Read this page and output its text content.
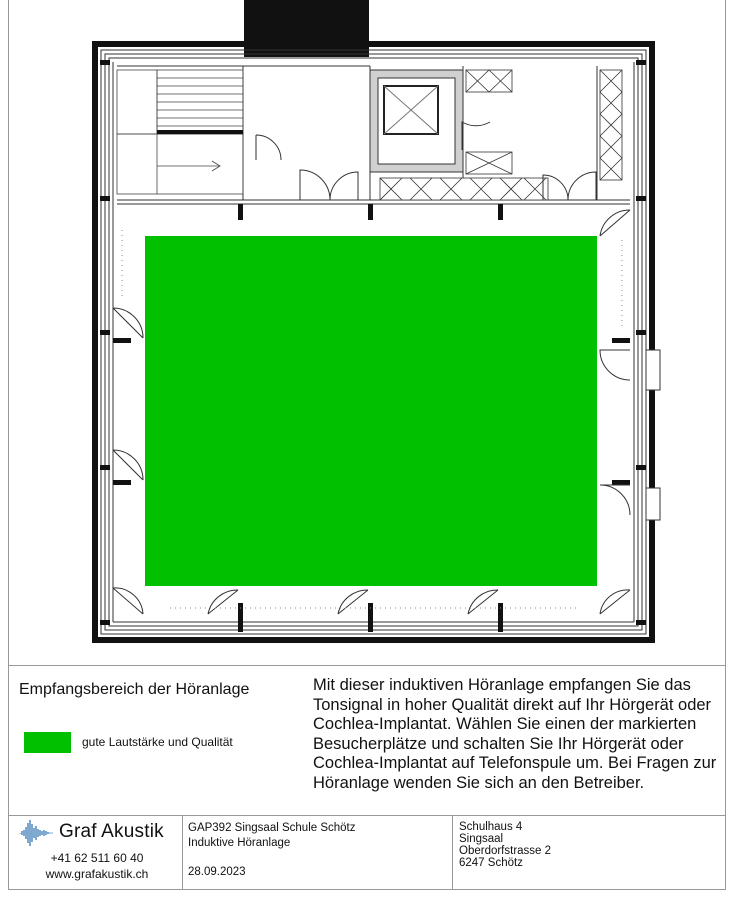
Empfangsbereich der Höranlage
gute Lautstärke und Qualität
Mit dieser induktiven Höranlage empfangen Sie das Tonsignal in hoher Qualität direkt auf Ihr Hörgerät oder Cochlea-Implantat. Wählen Sie einen der markierten Besucherplätze und schalten Sie Ihr Hörgerät oder Cochlea-Implantat auf Telefonspule um. Bei Fragen zur Höranlage wenden Sie sich an den Betreiber.
Graf Akustik
+41 62 511 60 40
www.grafakustik.ch
GAP392 Singsaal Schule Schötz
Induktive Höranlage
28.09.2023
Schulhaus 4
Singsaal
Oberdorfstrasse 2
6247 Schötz
